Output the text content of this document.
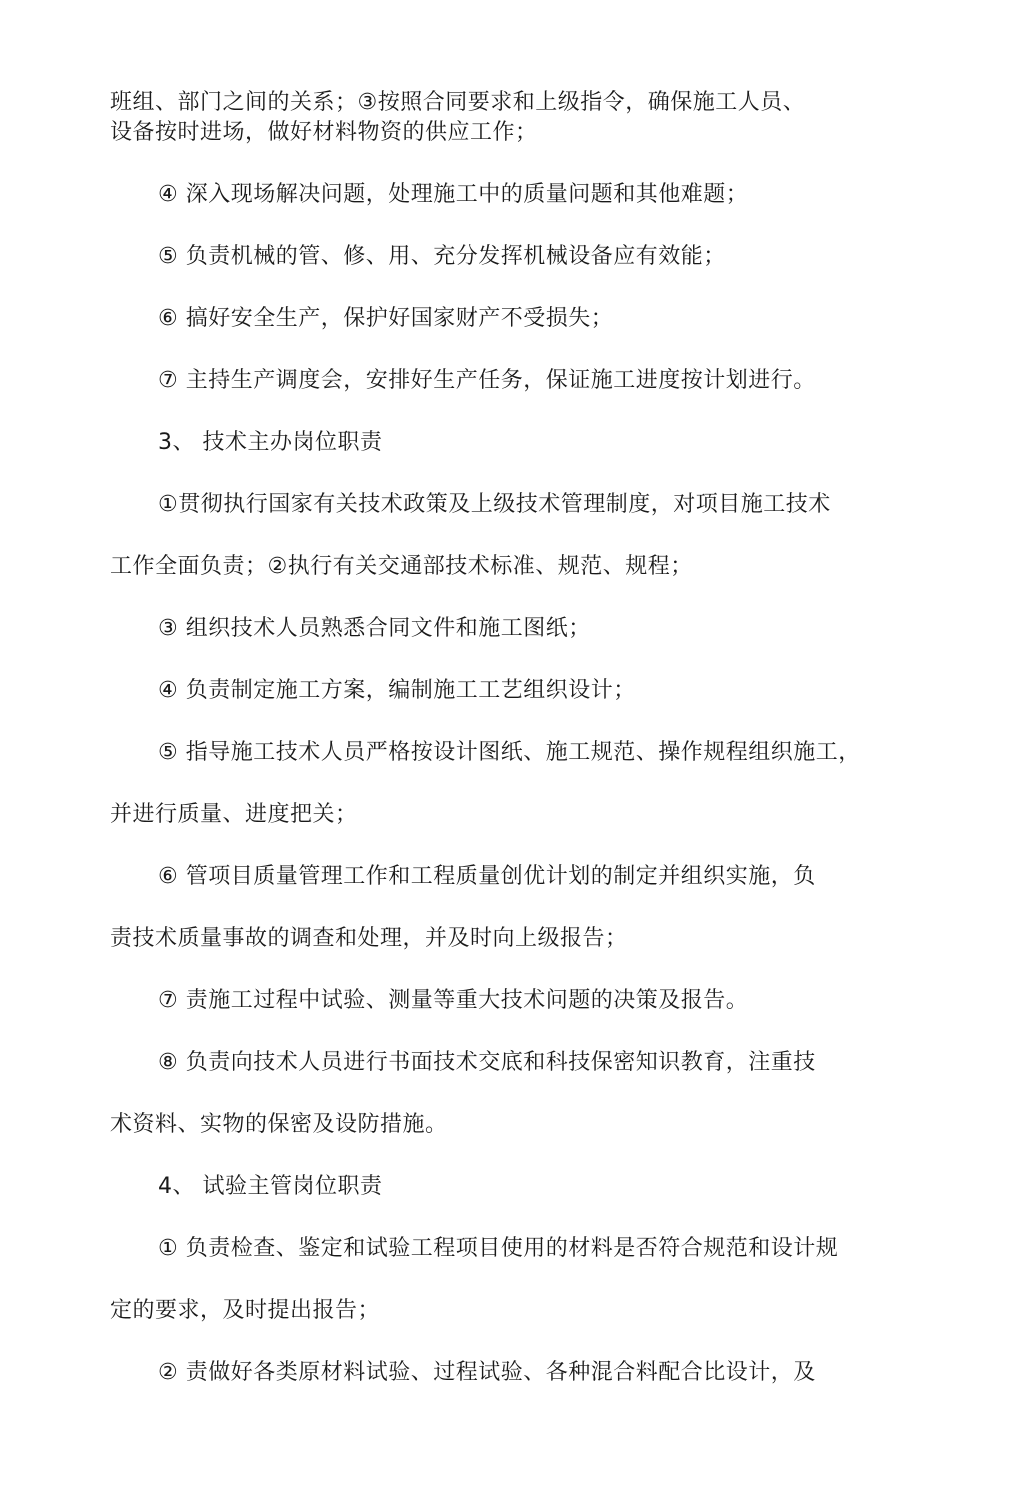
班组、部门之间的关系；③按照合同要求和上级指令，确保施工人员、
设备按时进场，做好材料物资的供应工作；
④ 深入现场解决问题，处理施工中的质量问题和其他难题；
⑤ 负责机械的管、修、用、充分发挥机械设备应有效能；
⑥ 搞好安全生产，保护好国家财产不受损失；
⑦ 主持生产调度会，安排好生产任务，保证施工进度按计划进行。
3、 技术主办岗位职责
①贯彻执行国家有关技术政策及上级技术管理制度，对项目施工技术
工作全面负责；②执行有关交通部技术标准、规范、规程；
③ 组织技术人员熟悉合同文件和施工图纸；
④ 负责制定施工方案，编制施工工艺组织设计；
⑤ 指导施工技术人员严格按设计图纸、施工规范、操作规程组织施工，
并进行质量、进度把关；
⑥ 管项目质量管理工作和工程质量创优计划的制定并组织实施，负
责技术质量事故的调查和处理，并及时向上级报告；
⑦ 责施工过程中试验、测量等重大技术问题的决策及报告。
⑧ 负责向技术人员进行书面技术交底和科技保密知识教育，注重技
术资料、实物的保密及设防措施。
4、 试验主管岗位职责
① 负责检查、鉴定和试验工程项目使用的材料是否符合规范和设计规
定的要求，及时提出报告；
② 责做好各类原材料试验、过程试验、各种混合料配合比设计，及
